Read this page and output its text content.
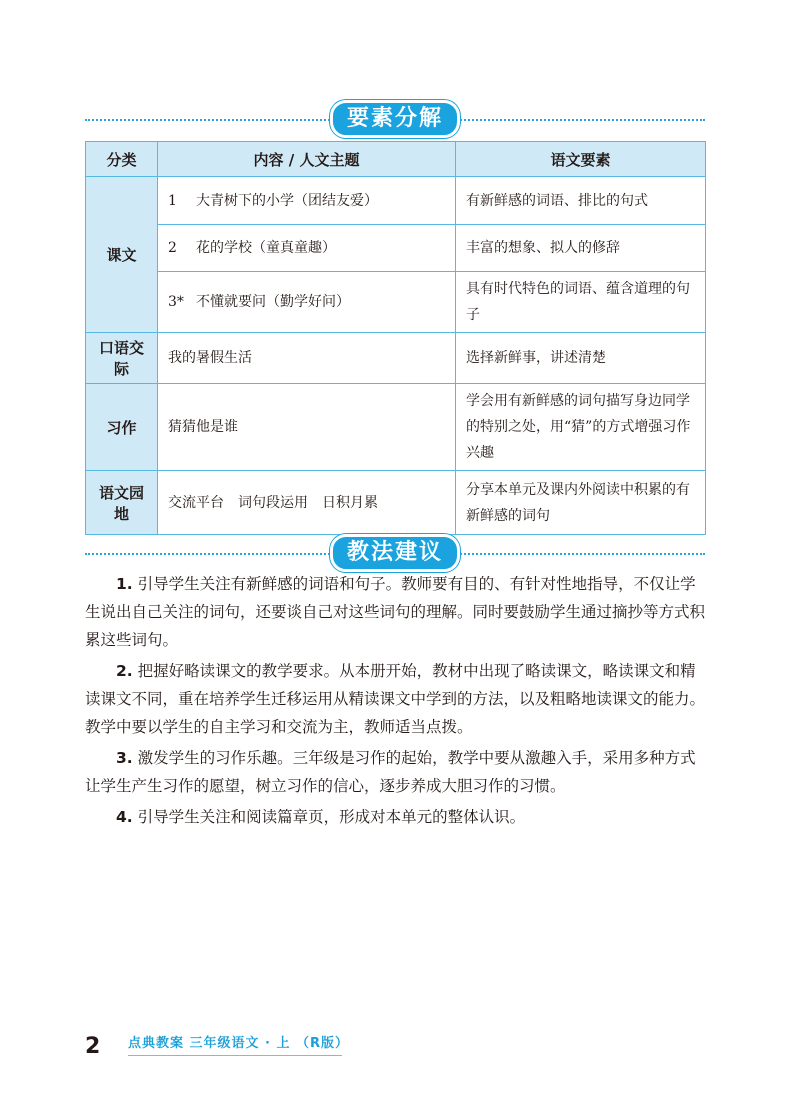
要素分解
分类	内容 / 人文主题	语文要素
课文	1 大青树下的小学（团结友爱）	有新鲜感的词语、排比的句式
	2 花的学校（童真童趣）	丰富的想象、拟人的修辞
	3* 不懂就要问（勤学好问）	具有时代特色的词语、蕴含道理的句子
口语交际	我的暑假生活	选择新鲜事，讲述清楚
习作	猜猜他是谁	学会用有新鲜感的词句描写身边同学的特别之处，用“猜”的方式增强习作兴趣
语文园地	交流平台　词句段运用　日积月累	分享本单元及课内外阅读中积累的有新鲜感的词句
教法建议

1. 引导学生关注有新鲜感的词语和句子。教师要有目的、有针对性地指导，不仅让学生说出自己关注的词句，还要谈自己对这些词句的理解。同时要鼓励学生通过摘抄等方式积累这些词句。

2. 把握好略读课文的教学要求。从本册开始，教材中出现了略读课文，略读课文和精读课文不同，重在培养学生迁移运用从精读课文中学到的方法，以及粗略地读课文的能力。教学中要以学生的自主学习和交流为主，教师适当点拨。

3. 激发学生的习作乐趣。三年级是习作的起始，教学中要从激趣入手，采用多种方式让学生产生习作的愿望，树立习作的信心，逐步养成大胆习作的习惯。

4. 引导学生关注和阅读篇章页，形成对本单元的整体认识。

2 点典教案 三年级语文 · 上 （R版）
